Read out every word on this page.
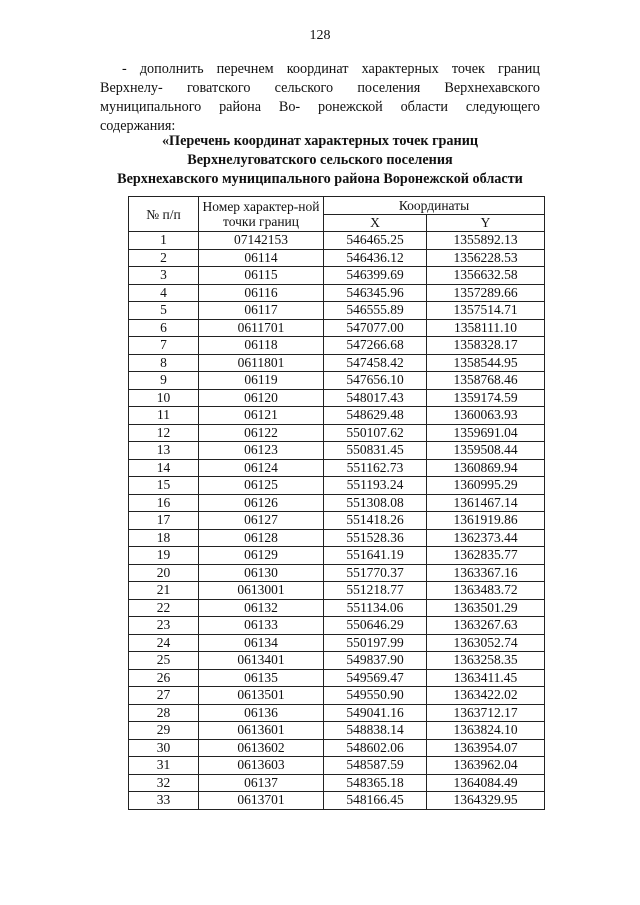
128

- дополнить перечнем координат характерных точек границ Верхнелу- говатского сельского поселения Верхнехавского муниципального района Во- ронежской области следующего содержания:

«Перечень координат характерных точек границ
Верхнелуговатского сельского поселения
Верхнехавского муниципального района Воронежской области
№ п/п	Номер характер-ной точки границ	Координаты	
		X	Y
1	07142153	546465.25	1355892.13
2	06114	546436.12	1356228.53
3	06115	546399.69	1356632.58
4	06116	546345.96	1357289.66
5	06117	546555.89	1357514.71
6	0611701	547077.00	1358111.10
7	06118	547266.68	1358328.17
8	0611801	547458.42	1358544.95
9	06119	547656.10	1358768.46
10	06120	548017.43	1359174.59
11	06121	548629.48	1360063.93
12	06122	550107.62	1359691.04
13	06123	550831.45	1359508.44
14	06124	551162.73	1360869.94
15	06125	551193.24	1360995.29
16	06126	551308.08	1361467.14
17	06127	551418.26	1361919.86
18	06128	551528.36	1362373.44
19	06129	551641.19	1362835.77
20	06130	551770.37	1363367.16
21	0613001	551218.77	1363483.72
22	06132	551134.06	1363501.29
23	06133	550646.29	1363267.63
24	06134	550197.99	1363052.74
25	0613401	549837.90	1363258.35
26	06135	549569.47	1363411.45
27	0613501	549550.90	1363422.02
28	06136	549041.16	1363712.17
29	0613601	548838.14	1363824.10
30	0613602	548602.06	1363954.07
31	0613603	548587.59	1363962.04
32	06137	548365.18	1364084.49
33	0613701	548166.45	1364329.95
